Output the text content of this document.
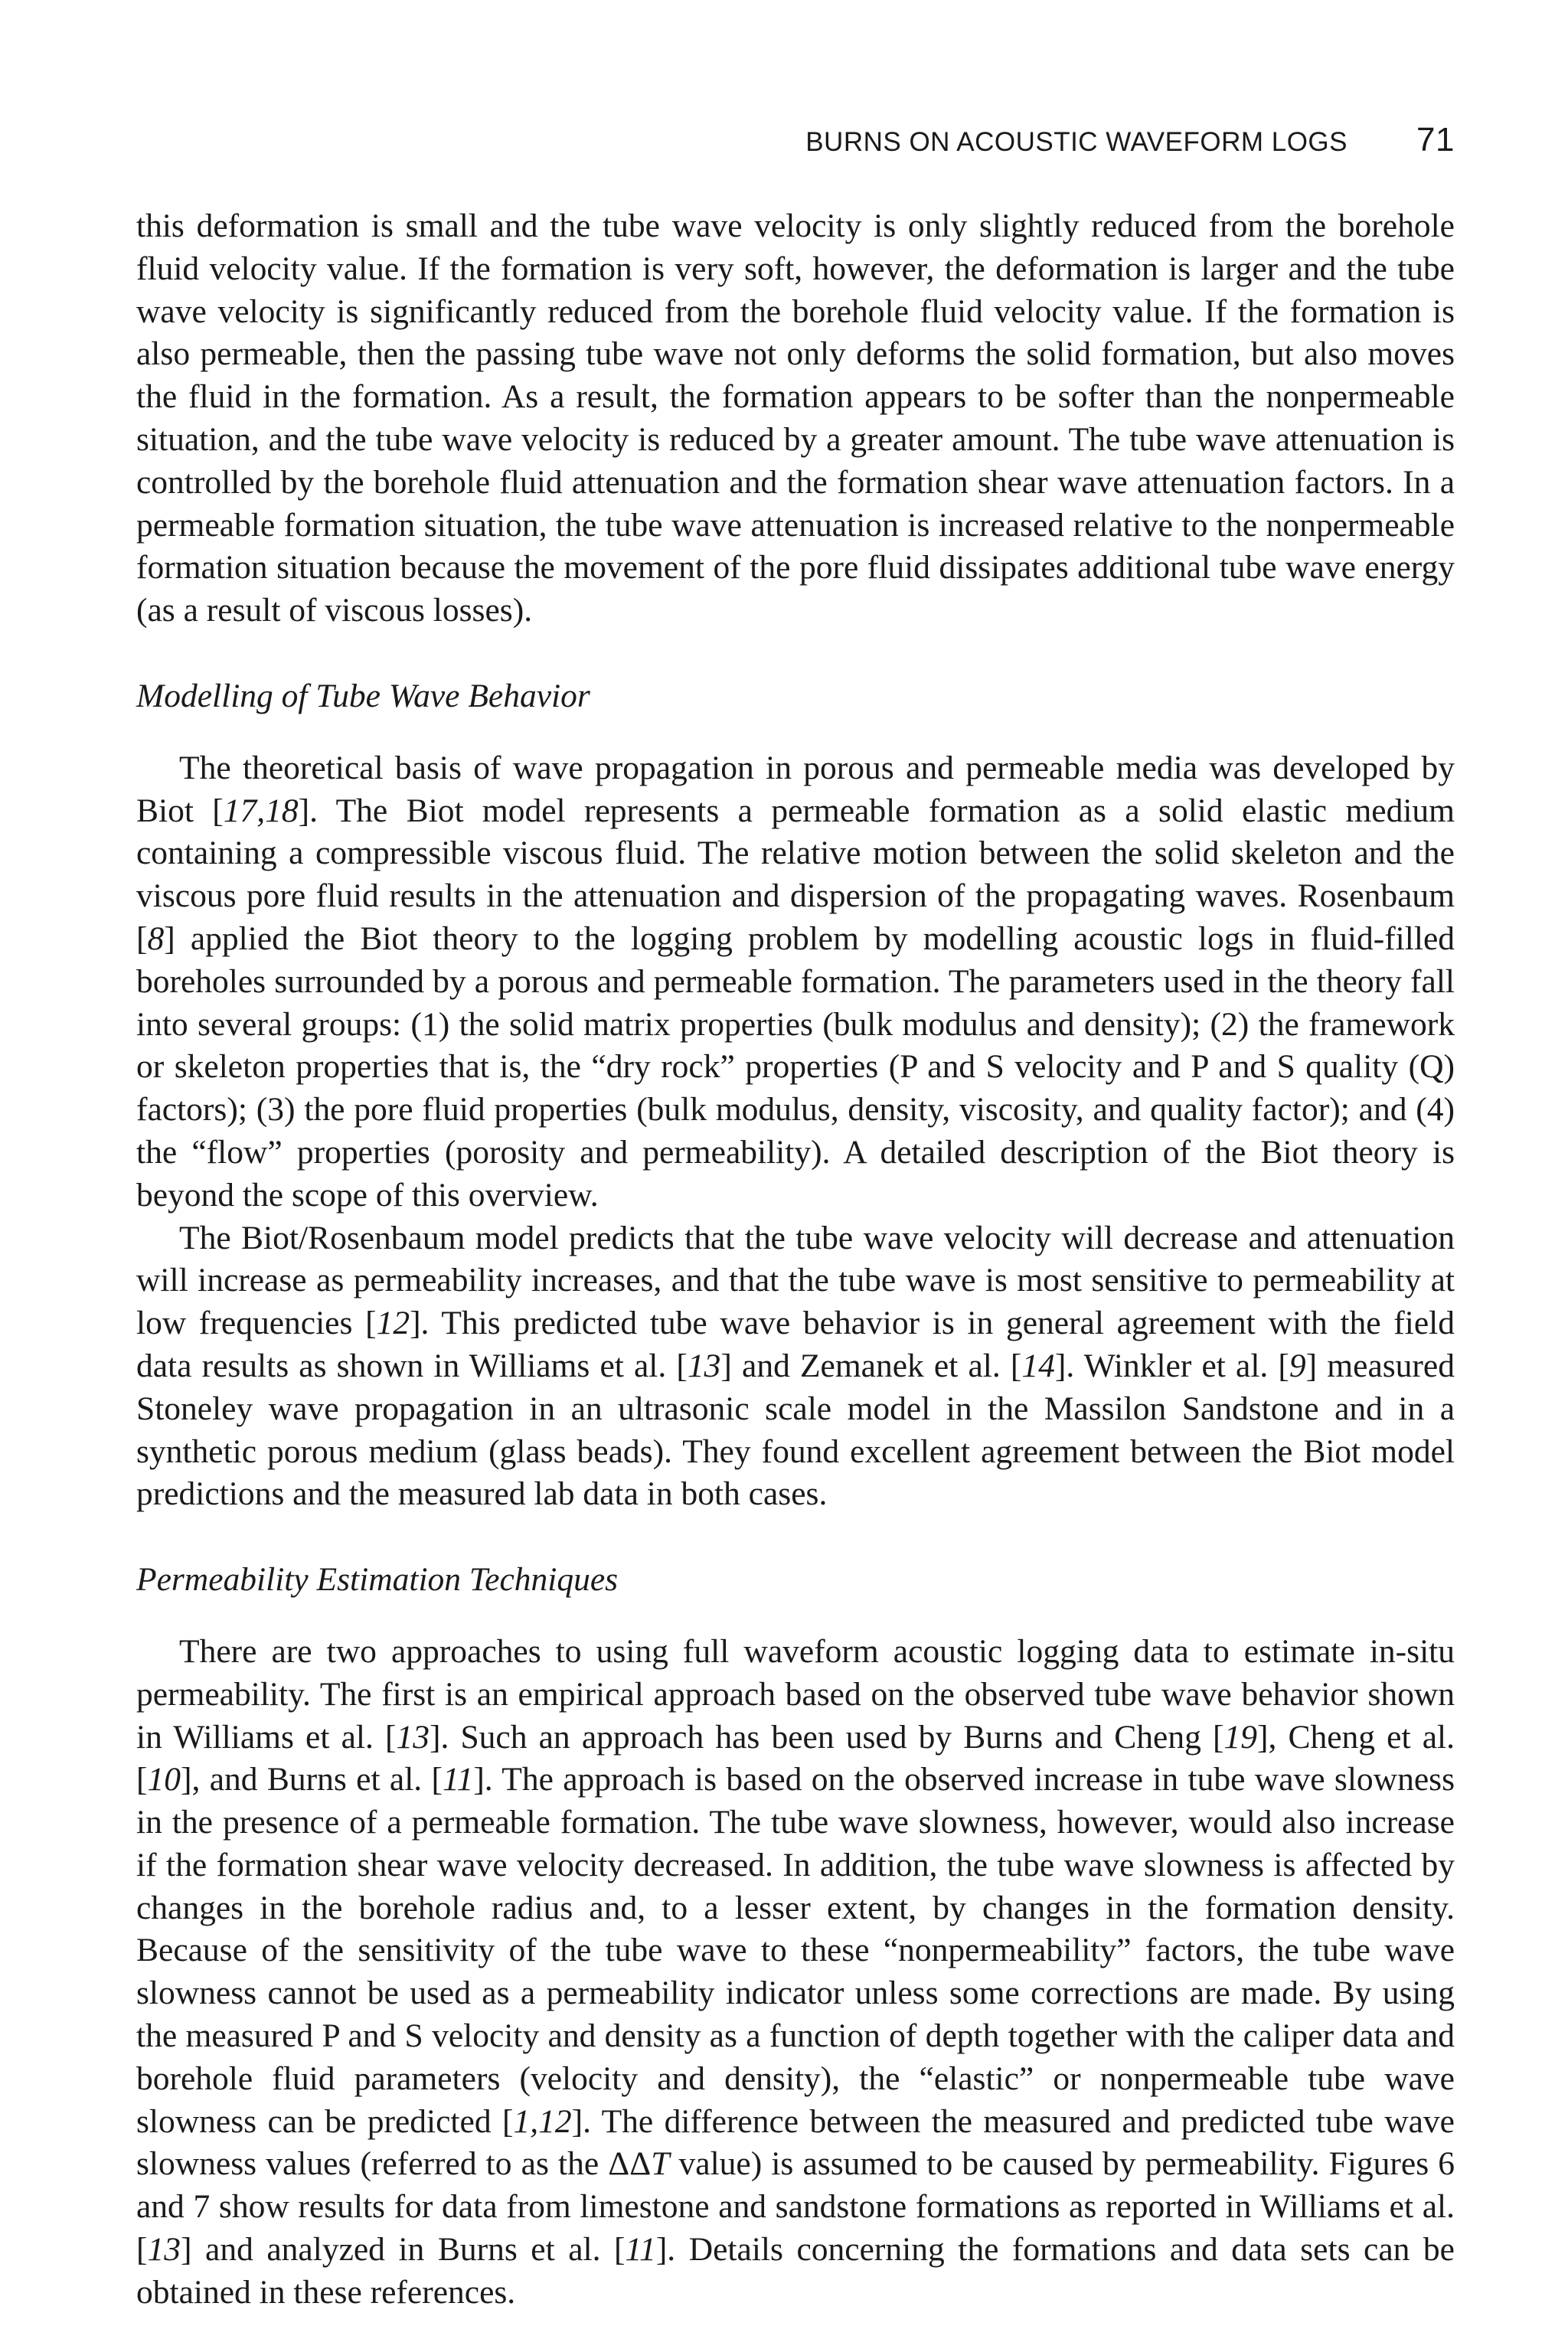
BURNS ON ACOUSTIC WAVEFORM LOGS 71

this deformation is small and the tube wave velocity is only slightly reduced from the borehole fluid velocity value. If the formation is very soft, however, the deformation is larger and the tube wave velocity is significantly reduced from the borehole fluid velocity value. If the formation is also permeable, then the passing tube wave not only deforms the solid formation, but also moves the fluid in the formation. As a result, the formation appears to be softer than the nonpermeable situation, and the tube wave velocity is reduced by a greater amount. The tube wave attenuation is controlled by the borehole fluid attenuation and the formation shear wave attenuation factors. In a permeable formation situation, the tube wave attenuation is increased relative to the nonpermeable formation situation because the movement of the pore fluid dissipates additional tube wave energy (as a result of viscous losses).

Modelling of Tube Wave Behavior

The theoretical basis of wave propagation in porous and permeable media was developed by Biot [17,18]. The Biot model represents a permeable formation as a solid elastic medium containing a compressible viscous fluid. The relative motion between the solid skeleton and the viscous pore fluid results in the attenuation and dispersion of the propagating waves. Rosenbaum [8] applied the Biot theory to the logging problem by modelling acoustic logs in fluid-filled boreholes surrounded by a porous and permeable formation. The parameters used in the theory fall into several groups: (1) the solid matrix properties (bulk modulus and density); (2) the framework or skeleton properties that is, the “dry rock” properties (P and S velocity and P and S quality (Q) factors); (3) the pore fluid properties (bulk modulus, density, viscosity, and quality factor); and (4) the “flow” properties (porosity and permeability). A detailed description of the Biot theory is beyond the scope of this overview.

The Biot/Rosenbaum model predicts that the tube wave velocity will decrease and attenuation will increase as permeability increases, and that the tube wave is most sensitive to permeability at low frequencies [12]. This predicted tube wave behavior is in general agreement with the field data results as shown in Williams et al. [13] and Zemanek et al. [14]. Winkler et al. [9] measured Stoneley wave propagation in an ultrasonic scale model in the Massilon Sandstone and in a synthetic porous medium (glass beads). They found excellent agreement between the Biot model predictions and the measured lab data in both cases.

Permeability Estimation Techniques

There are two approaches to using full waveform acoustic logging data to estimate in-situ permeability. The first is an empirical approach based on the observed tube wave behavior shown in Williams et al. [13]. Such an approach has been used by Burns and Cheng [19], Cheng et al. [10], and Burns et al. [11]. The approach is based on the observed increase in tube wave slowness in the presence of a permeable formation. The tube wave slowness, however, would also increase if the formation shear wave velocity decreased. In addition, the tube wave slowness is affected by changes in the borehole radius and, to a lesser extent, by changes in the formation density. Because of the sensitivity of the tube wave to these “nonpermeability” factors, the tube wave slowness cannot be used as a permeability indicator unless some corrections are made. By using the measured P and S velocity and density as a function of depth together with the caliper data and borehole fluid parameters (velocity and density), the “elastic” or nonpermeable tube wave slowness can be predicted [1,12]. The difference between the measured and predicted tube wave slowness values (referred to as the ΔΔT value) is assumed to be caused by permeability. Figures 6 and 7 show results for data from limestone and sandstone formations as reported in Williams et al. [13] and analyzed in Burns et al. [11]. Details concerning the formations and data sets can be obtained in these references.
